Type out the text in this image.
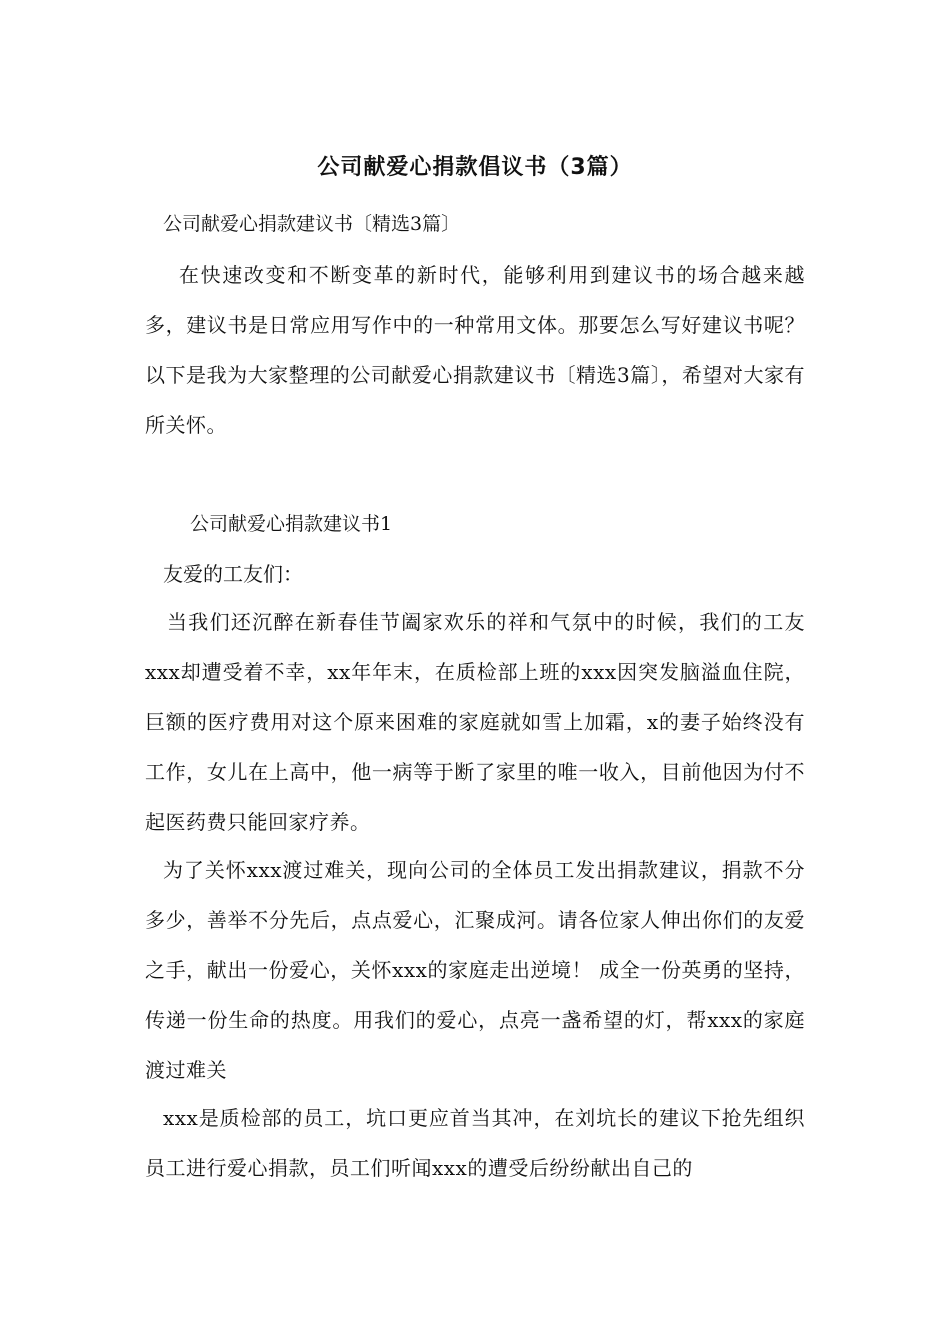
公司献爱心捐款倡议书（3篇）
公司献爱心捐款建议书〔精选3篇〕

在快速改变和不断变革的新时代，能够利用到建议书的场合越来越多，建议书是日常应用写作中的一种常用文体。那要怎么写好建议书呢？以下是我为大家整理的公司献爱心捐款建议书〔精选3篇〕，希望对大家有所关怀。

公司献爱心捐款建议书1
友爱的工友们：

当我们还沉醉在新春佳节阖家欢乐的祥和气氛中的时候，我们的工友xxx却遭受着不幸，xx年年末，在质检部上班的xxx因突发脑溢血住院，巨额的医疗费用对这个原来困难的家庭就如雪上加霜，x的妻子始终没有工作，女儿在上高中，他一病等于断了家里的唯一收入，目前他因为付不起医药费只能回家疗养。

为了关怀xxx渡过难关，现向公司的全体员工发出捐款建议，捐款不分多少，善举不分先后，点点爱心，汇聚成河。请各位家人伸出你们的友爱之手，献出一份爱心，关怀xxx的家庭走出逆境！ 成全一份英勇的坚持，传递一份生命的热度。用我们的爱心，点亮一盏希望的灯，帮xxx的家庭渡过难关

xxx是质检部的员工，坑口更应首当其冲，在刘坑长的建议下抢先组织员工进行爱心捐款，员工们听闻xxx的遭受后纷纷献出自己的
